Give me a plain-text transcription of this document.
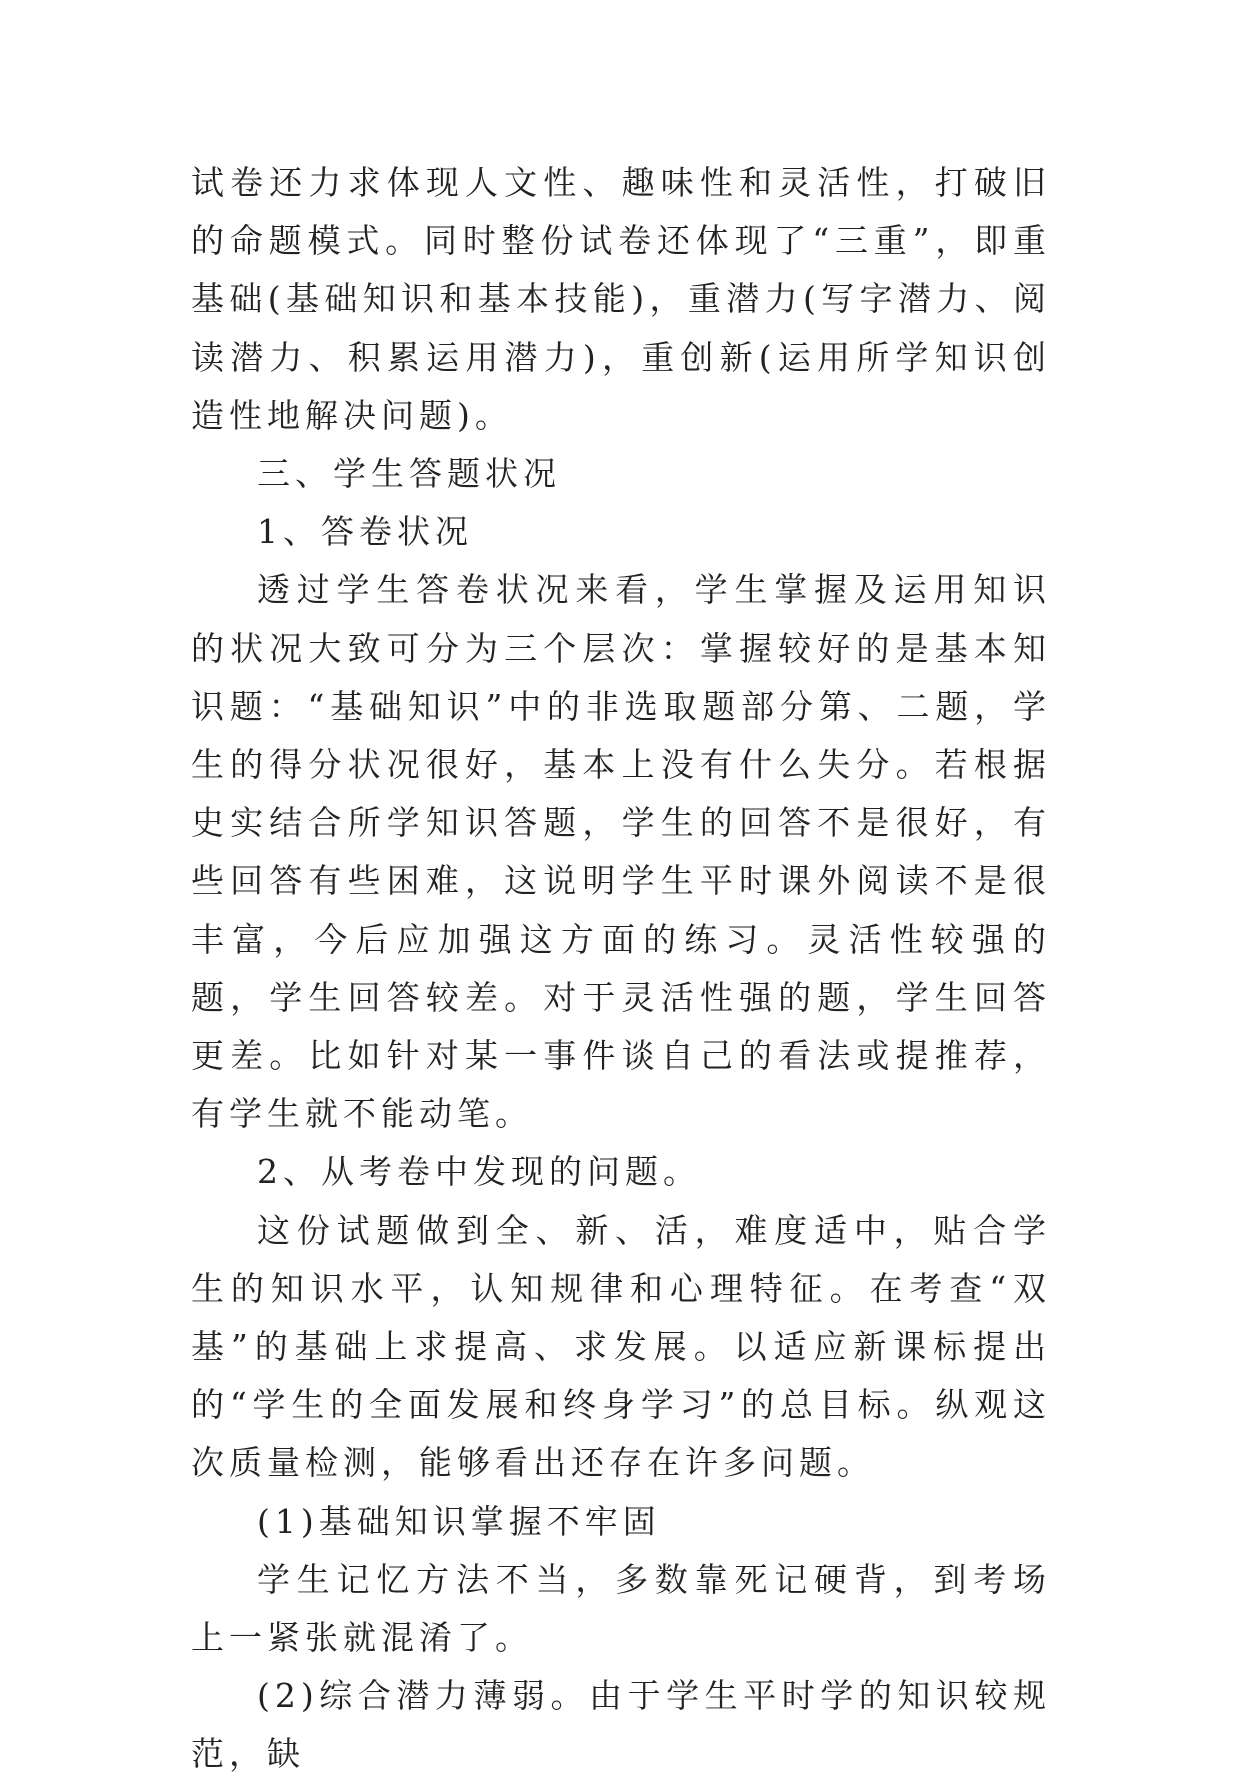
试卷还力求体现人文性、趣味性和灵活性，打破旧的命题模式。同时整份试卷还体现了“三重”，即重基础(基础知识和基本技能)，重潜力(写字潜力、阅读潜力、积累运用潜力)，重创新(运用所学知识创造性地解决问题)。

三、学生答题状况

1、答卷状况

透过学生答卷状况来看，学生掌握及运用知识的状况大致可分为三个层次：掌握较好的是基本知识题：“基础知识”中的非选取题部分第、二题，学生的得分状况很好，基本上没有什么失分。若根据史实结合所学知识答题，学生的回答不是很好，有些回答有些困难，这说明学生平时课外阅读不是很丰富，今后应加强这方面的练习。灵活性较强的题，学生回答较差。对于灵活性强的题，学生回答更差。比如针对某一事件谈自己的看法或提推荐，有学生就不能动笔。

2、从考卷中发现的问题。

这份试题做到全、新、活，难度适中，贴合学生的知识水平，认知规律和心理特征。在考查“双基”的基础上求提高、求发展。以适应新课标提出的“学生的全面发展和终身学习”的总目标。纵观这次质量检测，能够看出还存在许多问题。

(1)基础知识掌握不牢固

学生记忆方法不当，多数靠死记硬背，到考场上一紧张就混淆了。

(2)综合潜力薄弱。由于学生平时学的知识较规范，缺
